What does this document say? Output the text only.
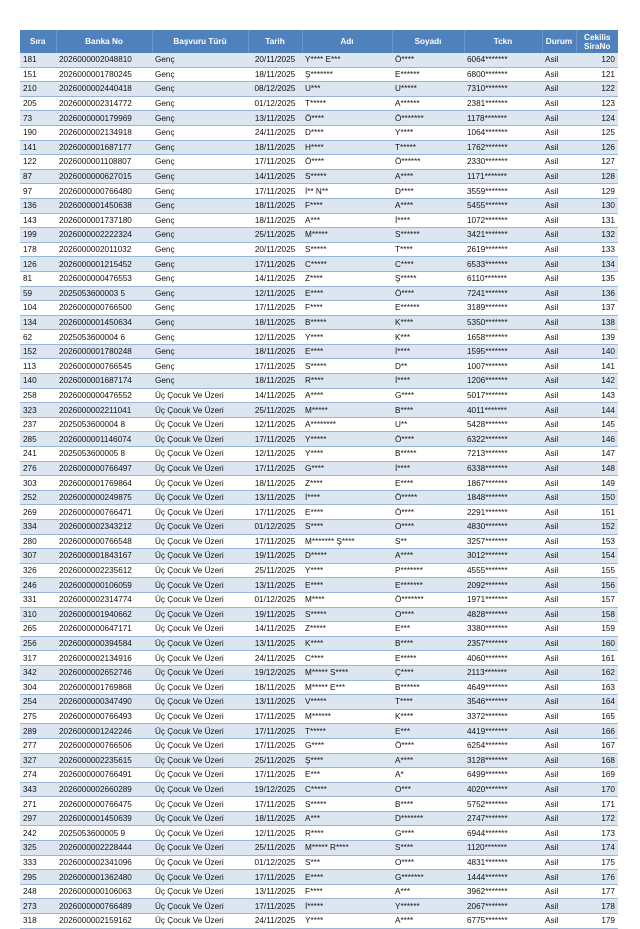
Sıra	Banka No	Başvuru Türü	Tarih	Adı	Soyadı	Tckn	Durum	Cekilis SiraNo
181	2026000002048810	Genç	20/11/2025	Y**** E***	Ö****	6064*******	Asil	120
151	2026000001780245	Genç	18/11/2025	Ş*******	E******	6800*******	Asil	121
210	2026000002440418	Genç	08/12/2025	U***	U*****	7310*******	Asil	122
205	2026000002314772	Genç	01/12/2025	T*****	A******	2381*******	Asil	123
73	2026000000179969	Genç	13/11/2025	Ö****	Ö*******	1178*******	Asil	124
190	2026000002134918	Genç	24/11/2025	D****	Y****	1064*******	Asil	125
141	2026000001687177	Genç	18/11/2025	H****	T*****	1762*******	Asil	126
122	2026000001108807	Genç	17/11/2025	Ö****	Ö******	2330*******	Asil	127
87	2026000000627015	Genç	14/11/2025	S*****	A****	1171*******	Asil	128
97	2026000000766480	Genç	17/11/2025	İ** N**	D****	3559*******	Asil	129
136	2026000001450638	Genç	18/11/2025	F****	A****	5455*******	Asil	130
143	2026000001737180	Genç	18/11/2025	A***	İ****	1072*******	Asil	131
199	2026000002222324	Genç	25/11/2025	M*****	S******	3421*******	Asil	132
178	2026000002011032	Genç	20/11/2025	S*****	T****	2619*******	Asil	133
126	2026000001215452	Genç	17/11/2025	C*****	C****	6533*******	Asil	134
81	2026000000476553	Genç	14/11/2025	Z****	Ş*****	6110*******	Asil	135
59	2025053600003 5	Genç	12/11/2025	E****	Ö****	7241*******	Asil	136
104	2026000000766500	Genç	17/11/2025	F****	E******	3189*******	Asil	137
134	2026000001450634	Genç	18/11/2025	B*****	K****	5350*******	Asil	138
62	2025053600004 6	Genç	12/11/2025	Y****	K***	1658*******	Asil	139
152	2026000001780248	Genç	18/11/2025	E****	İ****	1595*******	Asil	140
113	2026000000766545	Genç	17/11/2025	S*****	D**	1007*******	Asil	141
140	2026000001687174	Genç	18/11/2025	R****	İ****	1206*******	Asil	142
258	2026000000476552	Üç Çocuk Ve Üzeri	14/11/2025	A****	G****	5017*******	Asil	143
323	2026000002211041	Üç Çocuk Ve Üzeri	25/11/2025	M*****	B****	4011*******	Asil	144
237	2025053600004 8	Üç Çocuk Ve Üzeri	12/11/2025	A********	U**	5428*******	Asil	145
285	2026000001146074	Üç Çocuk Ve Üzeri	17/11/2025	Y*****	Ö****	6322*******	Asil	146
241	2025053600005 8	Üç Çocuk Ve Üzeri	12/11/2025	Y****	B*****	7213*******	Asil	147
276	2026000000766497	Üç Çocuk Ve Üzeri	17/11/2025	G****	İ****	6338*******	Asil	148
303	2026000001769864	Üç Çocuk Ve Üzeri	18/11/2025	Z****	E****	1867*******	Asil	149
252	2026000000249875	Üç Çocuk Ve Üzeri	13/11/2025	İ****	Ö*****	1848*******	Asil	150
269	2026000000766471	Üç Çocuk Ve Üzeri	17/11/2025	E****	Ö****	2291*******	Asil	151
334	2026000002343212	Üç Çocuk Ve Üzeri	01/12/2025	S****	O****	4830*******	Asil	152
280	2026000000766548	Üç Çocuk Ve Üzeri	17/11/2025	M******* Ş****	S**	3257*******	Asil	153
307	2026000001843167	Üç Çocuk Ve Üzeri	19/11/2025	D*****	A****	3012*******	Asil	154
326	2026000002235612	Üç Çocuk Ve Üzeri	25/11/2025	Y****	P*******	4555*******	Asil	155
246	2026000000106059	Üç Çocuk Ve Üzeri	13/11/2025	E****	E*******	2092*******	Asil	156
331	2026000002314774	Üç Çocuk Ve Üzeri	01/12/2025	M****	Ö*******	1971*******	Asil	157
310	2026000001940662	Üç Çocuk Ve Üzeri	19/11/2025	S*****	O****	4828*******	Asil	158
265	2026000000647171	Üç Çocuk Ve Üzeri	14/11/2025	Z*****	E***	3380*******	Asil	159
256	2026000000394584	Üç Çocuk Ve Üzeri	13/11/2025	K****	B****	2357*******	Asil	160
317	2026000002134916	Üç Çocuk Ve Üzeri	24/11/2025	C****	E*****	4060*******	Asil	161
342	2026000002652746	Üç Çocuk Ve Üzeri	19/12/2025	M***** S****	Ç****	2113*******	Asil	162
304	2026000001769868	Üç Çocuk Ve Üzeri	18/11/2025	M***** E***	B******	4649*******	Asil	163
254	2026000000347490	Üç Çocuk Ve Üzeri	13/11/2025	V*****	T****	3546*******	Asil	164
275	2026000000766493	Üç Çocuk Ve Üzeri	17/11/2025	M******	K****	3372*******	Asil	165
289	2026000001242246	Üç Çocuk Ve Üzeri	17/11/2025	T*****	E***	4419*******	Asil	166
277	2026000000766506	Üç Çocuk Ve Üzeri	17/11/2025	G****	Ö****	6254*******	Asil	167
327	2026000002235615	Üç Çocuk Ve Üzeri	25/11/2025	Ş****	A****	3128*******	Asil	168
274	2026000000766491	Üç Çocuk Ve Üzeri	17/11/2025	E***	A*	6499*******	Asil	169
343	2026000002660289	Üç Çocuk Ve Üzeri	19/12/2025	C*****	O***	4020*******	Asil	170
271	2026000000766475	Üç Çocuk Ve Üzeri	17/11/2025	S*****	B****	5752*******	Asil	171
297	2026000001450639	Üç Çocuk Ve Üzeri	18/11/2025	A***	D*******	2747*******	Asil	172
242	2025053600005 9	Üç Çocuk Ve Üzeri	12/11/2025	R****	G****	6944*******	Asil	173
325	2026000002228444	Üç Çocuk Ve Üzeri	25/11/2025	M***** R****	S****	1120*******	Asil	174
333	2026000002341096	Üç Çocuk Ve Üzeri	01/12/2025	S***	O****	4831*******	Asil	175
295	2026000001362480	Üç Çocuk Ve Üzeri	17/11/2025	E****	G*******	1444*******	Asil	176
248	2026000000106063	Üç Çocuk Ve Üzeri	13/11/2025	F****	A***	3962*******	Asil	177
273	2026000000766489	Üç Çocuk Ve Üzeri	17/11/2025	İ*****	Y******	2067*******	Asil	178
318	2026000002159162	Üç Çocuk Ve Üzeri	24/11/2025	Y****	A****	6775*******	Asil	179
